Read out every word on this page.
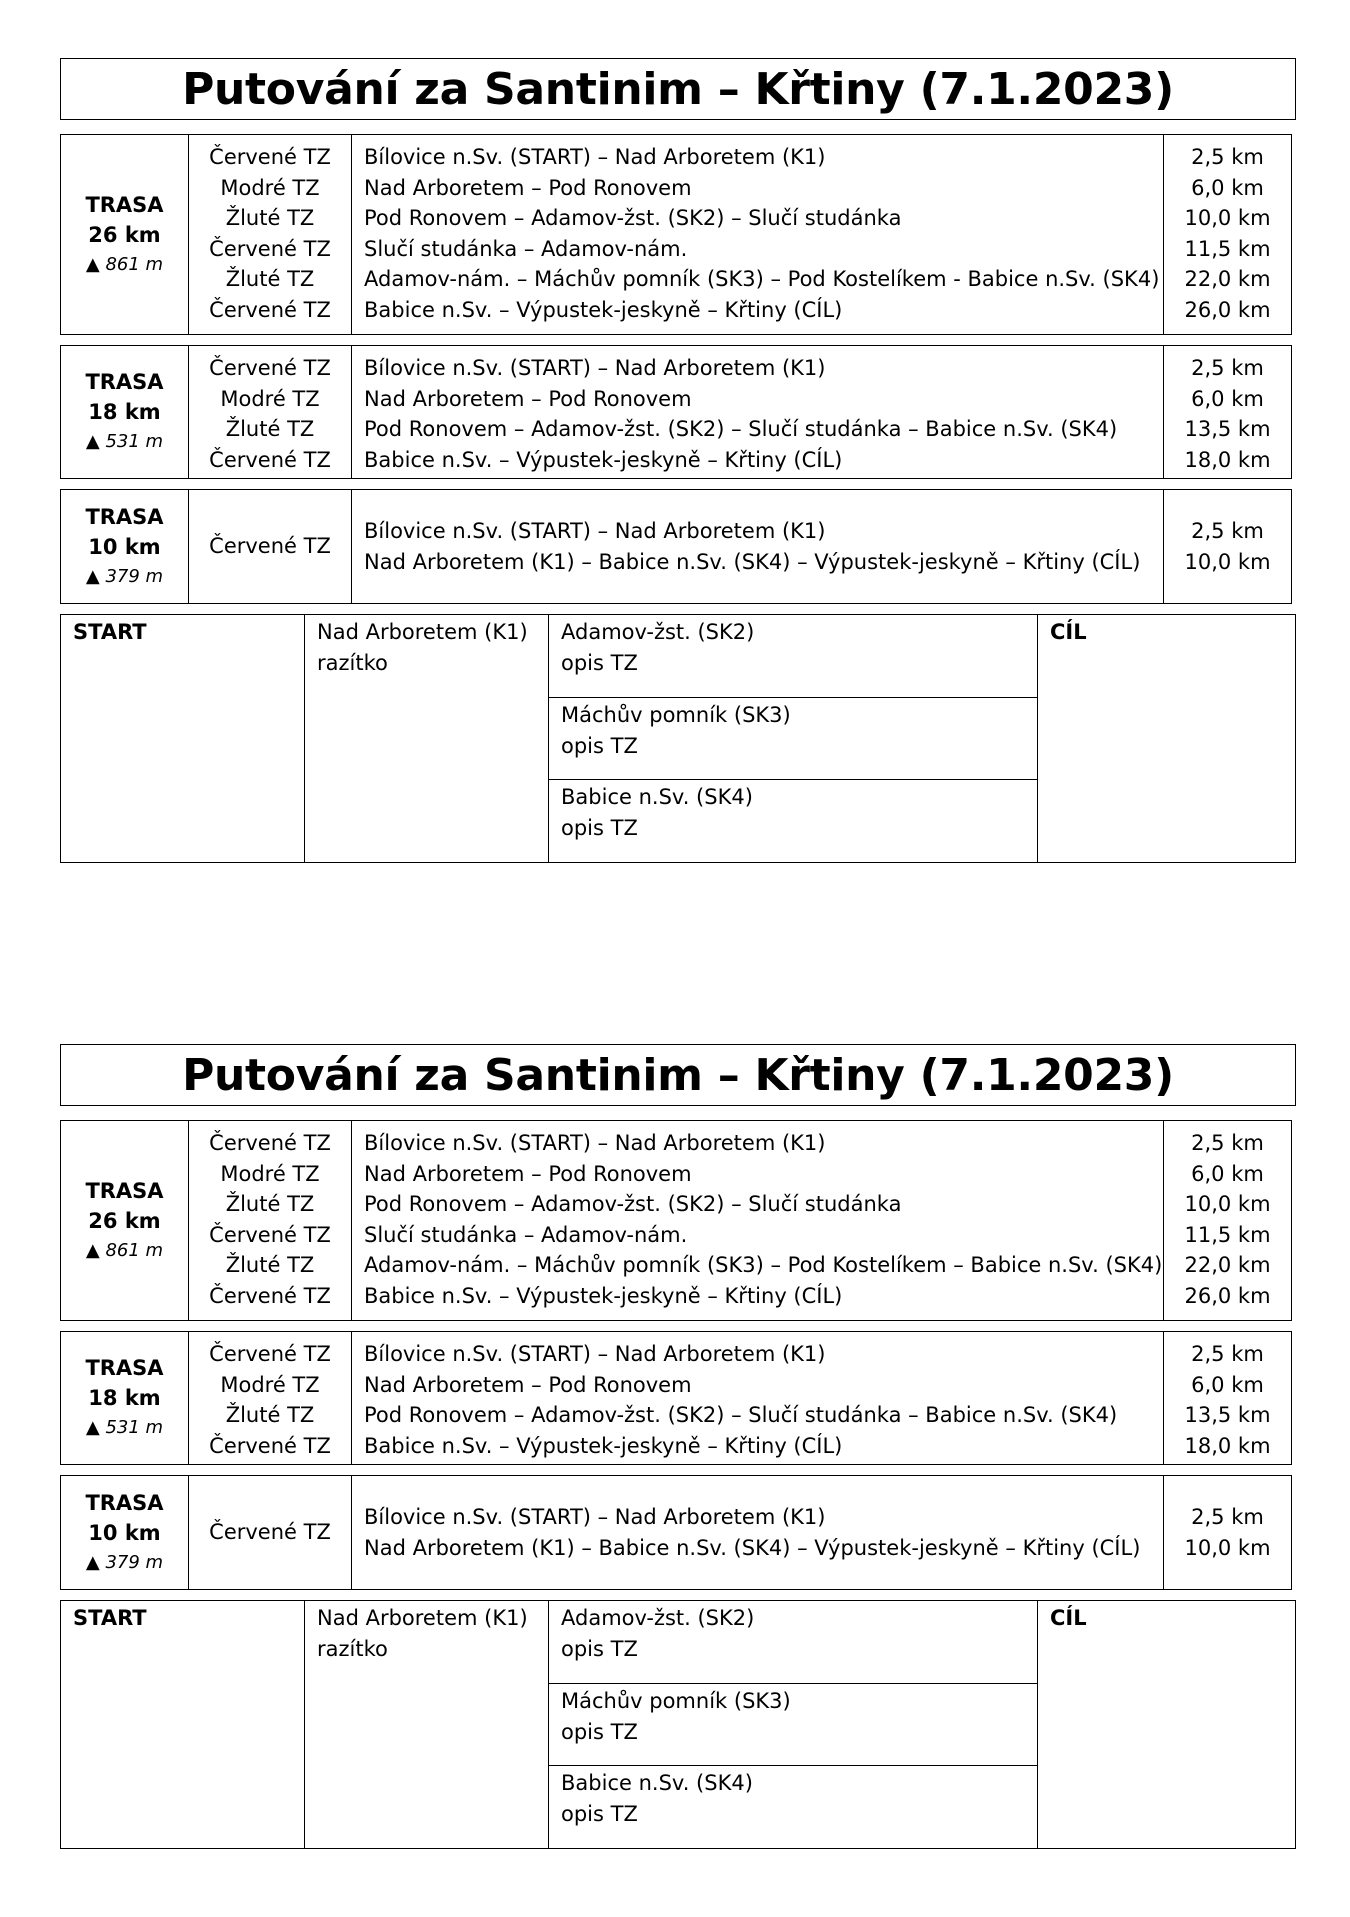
Putování za Santinim – Křtiny (7.1.2023)
TRASA
26 km
▲ 861 m
Červené TZ
Modré TZ
Žluté TZ
Červené TZ
Žluté TZ
Červené TZ
Bílovice n.Sv. (START) – Nad Arboretem (K1)
Nad Arboretem – Pod Ronovem
Pod Ronovem – Adamov-žst. (SK2) – Slučí studánka
Slučí studánka – Adamov-nám.
Adamov-nám. – Máchův pomník (SK3) – Pod Kostelíkem - Babice n.Sv. (SK4)
Babice n.Sv. – Výpustek-jeskyně – Křtiny (CÍL)
2,5 km
6,0 km
10,0 km
11,5 km
22,0 km
26,0 km
TRASA
18 km
▲ 531 m
Červené TZ
Modré TZ
Žluté TZ
Červené TZ
Bílovice n.Sv. (START) – Nad Arboretem (K1)
Nad Arboretem – Pod Ronovem
Pod Ronovem – Adamov-žst. (SK2) – Slučí studánka – Babice n.Sv. (SK4)
Babice n.Sv. – Výpustek-jeskyně – Křtiny (CÍL)
2,5 km
6,0 km
13,5 km
18,0 km
TRASA
10 km
▲ 379 m
Červené TZ
Bílovice n.Sv. (START) – Nad Arboretem (K1)
Nad Arboretem (K1) – Babice n.Sv. (SK4) – Výpustek-jeskyně – Křtiny (CÍL)
2,5 km
10,0 km
START	Nad Arboretem (K1)
razítko
Adamov-žst. (SK2)
opis TZ
Máchův pomník (SK3)
opis TZ
Babice n.Sv. (SK4)
opis TZ
CÍL
Putování za Santinim – Křtiny (7.1.2023)
TRASA
26 km
▲ 861 m
Červené TZ
Modré TZ
Žluté TZ
Červené TZ
Žluté TZ
Červené TZ
Bílovice n.Sv. (START) – Nad Arboretem (K1)
Nad Arboretem – Pod Ronovem
Pod Ronovem – Adamov-žst. (SK2) – Slučí studánka
Slučí studánka – Adamov-nám.
Adamov-nám. – Máchův pomník (SK3) – Pod Kostelíkem – Babice n.Sv. (SK4)
Babice n.Sv. – Výpustek-jeskyně – Křtiny (CÍL)
2,5 km
6,0 km
10,0 km
11,5 km
22,0 km
26,0 km
TRASA
18 km
▲ 531 m
Červené TZ
Modré TZ
Žluté TZ
Červené TZ
Bílovice n.Sv. (START) – Nad Arboretem (K1)
Nad Arboretem – Pod Ronovem
Pod Ronovem – Adamov-žst. (SK2) – Slučí studánka – Babice n.Sv. (SK4)
Babice n.Sv. – Výpustek-jeskyně – Křtiny (CÍL)
2,5 km
6,0 km
13,5 km
18,0 km
TRASA
10 km
▲ 379 m
Červené TZ
Bílovice n.Sv. (START) – Nad Arboretem (K1)
Nad Arboretem (K1) – Babice n.Sv. (SK4) – Výpustek-jeskyně – Křtiny (CÍL)
2,5 km
10,0 km
START	Nad Arboretem (K1)
razítko
Adamov-žst. (SK2)
opis TZ
Máchův pomník (SK3)
opis TZ
Babice n.Sv. (SK4)
opis TZ
CÍL
